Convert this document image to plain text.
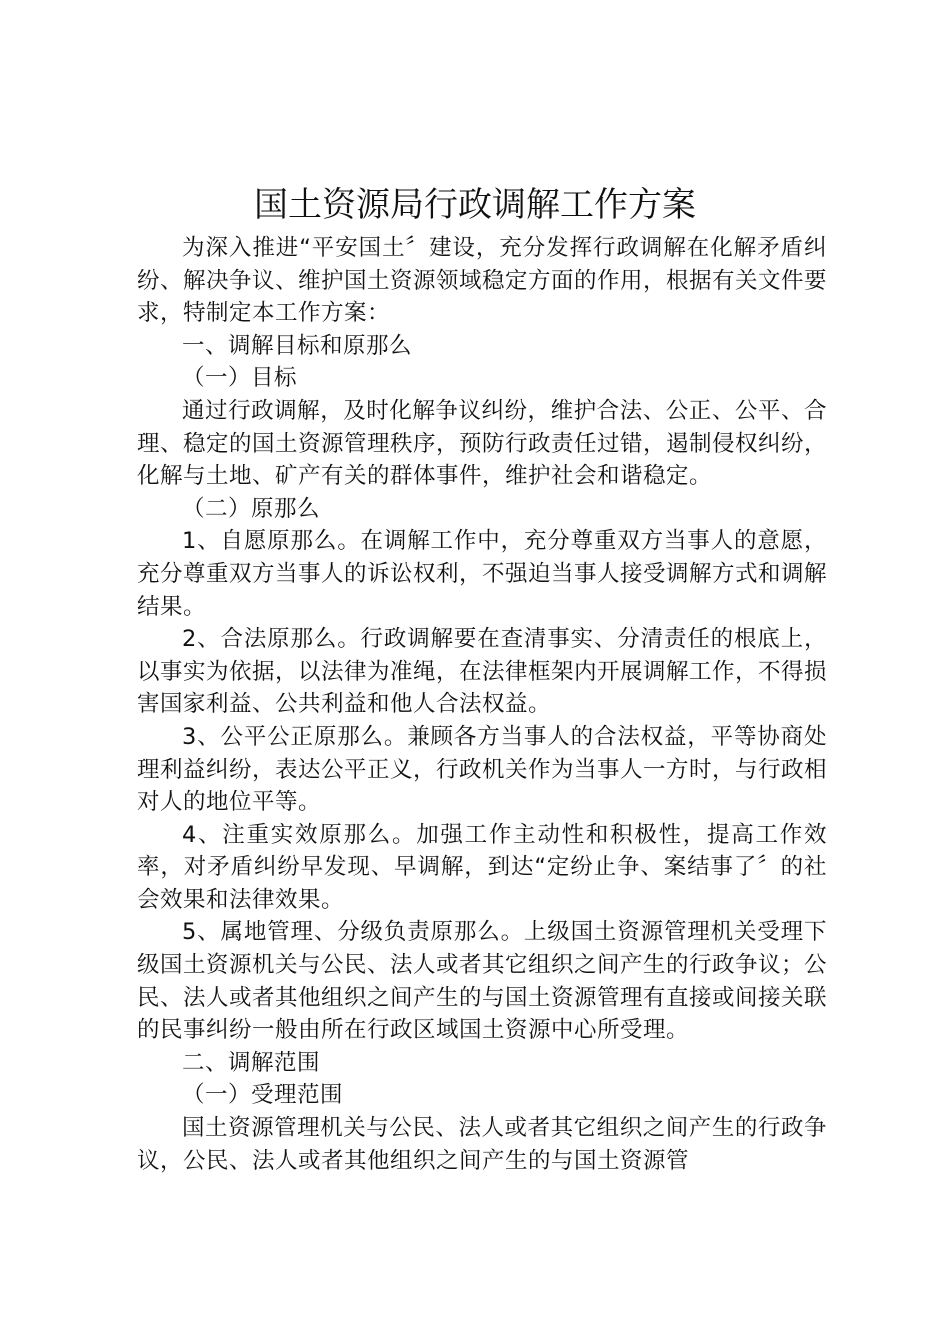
国土资源局行政调解工作方案

为深入推进“平安国土〞建设，充分发挥行政调解在化解矛盾纠纷、解决争议、维护国土资源领域稳定方面的作用，根据有关文件要求，特制定本工作方案：

一、调解目标和原那么

（一）目标

通过行政调解，及时化解争议纠纷，维护合法、公正、公平、合理、稳定的国土资源管理秩序，预防行政责任过错，遏制侵权纠纷，化解与土地、矿产有关的群体事件，维护社会和谐稳定。

（二）原那么

1、自愿原那么。在调解工作中，充分尊重双方当事人的意愿，充分尊重双方当事人的诉讼权利，不强迫当事人接受调解方式和调解结果。

2、合法原那么。行政调解要在查清事实、分清责任的根底上，以事实为依据，以法律为准绳，在法律框架内开展调解工作，不得损害国家利益、公共利益和他人合法权益。

3、公平公正原那么。兼顾各方当事人的合法权益，平等协商处理利益纠纷，表达公平正义，行政机关作为当事人一方时，与行政相对人的地位平等。

4、注重实效原那么。加强工作主动性和积极性，提高工作效率，对矛盾纠纷早发现、早调解，到达“定纷止争、案结事了〞的社会效果和法律效果。

5、属地管理、分级负责原那么。上级国土资源管理机关受理下级国土资源机关与公民、法人或者其它组织之间产生的行政争议；公民、法人或者其他组织之间产生的与国土资源管理有直接或间接关联的民事纠纷一般由所在行政区域国土资源中心所受理。

二、调解范围

（一）受理范围

国土资源管理机关与公民、法人或者其它组织之间产生的行政争议，公民、法人或者其他组织之间产生的与国土资源管
